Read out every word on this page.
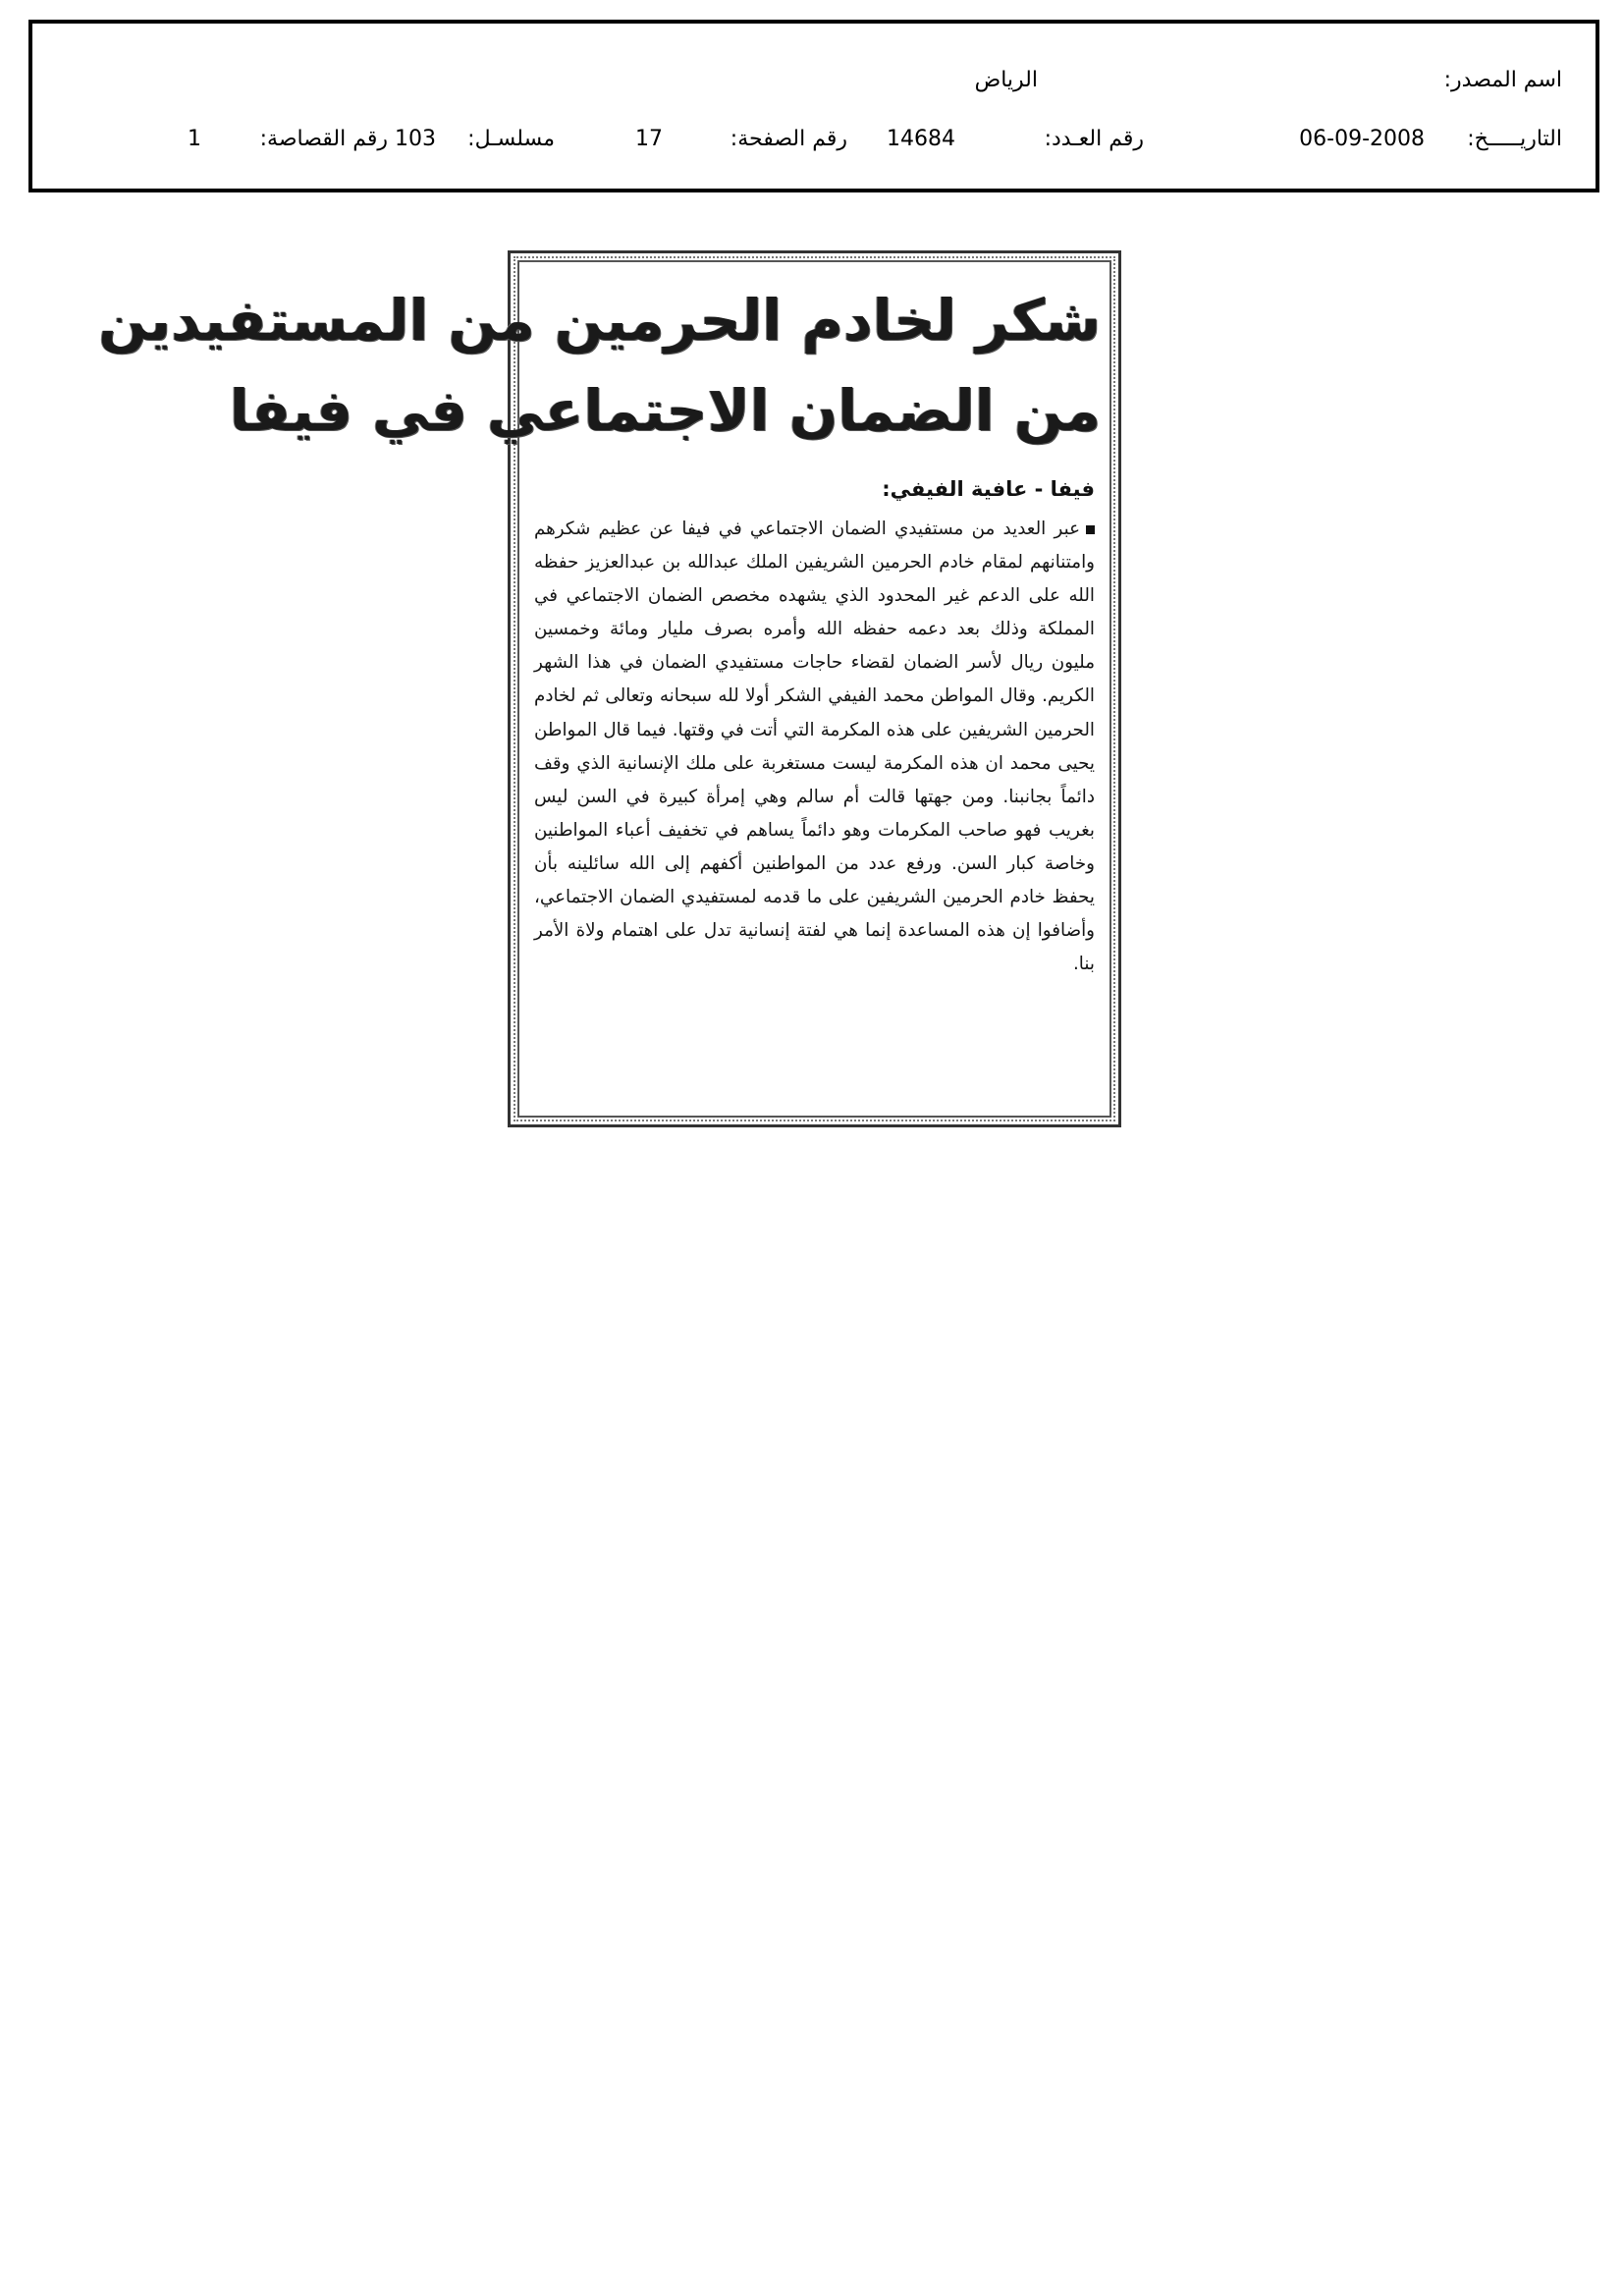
اسم المصدر:
الرياض
التاريـــــخ:
06-09-2008
رقم العـدد:
14684
رقم الصفحة:
17
مسلسـل:
103
رقم القصاصة:
1
شكر لخادم الحرمين من المستفيدين
من الضمان الاجتماعي في فيفا
فيفا - عافية الفيفي:
عبر العديد من مستفيدي الضمان الاجتماعي في فيفا عن عظيم شكرهم وامتنانهم لمقام خادم الحرمين الشريفين الملك عبدالله بن عبدالعزيز حفظه الله على الدعم غير المحدود الذي يشهده مخصص الضمان الاجتماعي في المملكة وذلك بعد دعمه حفظه الله وأمره بصرف مليار ومائة وخمسين مليون ريال لأسر الضمان لقضاء حاجات مستفيدي الضمان في هذا الشهر الكريم. وقال المواطن محمد الفيفي الشكر أولا لله سبحانه وتعالى ثم لخادم الحرمين الشريفين على هذه المكرمة التي أتت في وقتها. فيما قال المواطن يحيى محمد ان هذه المكرمة ليست مستغربة على ملك الإنسانية الذي وقف دائماً بجانبنا. ومن جهتها قالت أم سالم وهي إمرأة كبيرة في السن ليس بغريب فهو صاحب المكرمات وهو دائماً يساهم في تخفيف أعباء المواطنين وخاصة كبار السن. ورفع عدد من المواطنين أكفهم إلى الله سائلينه بأن يحفظ خادم الحرمين الشريفين على ما قدمه لمستفيدي الضمان الاجتماعي، وأضافوا إن هذه المساعدة إنما هي لفتة إنسانية تدل على اهتمام ولاة الأمر بنا.
